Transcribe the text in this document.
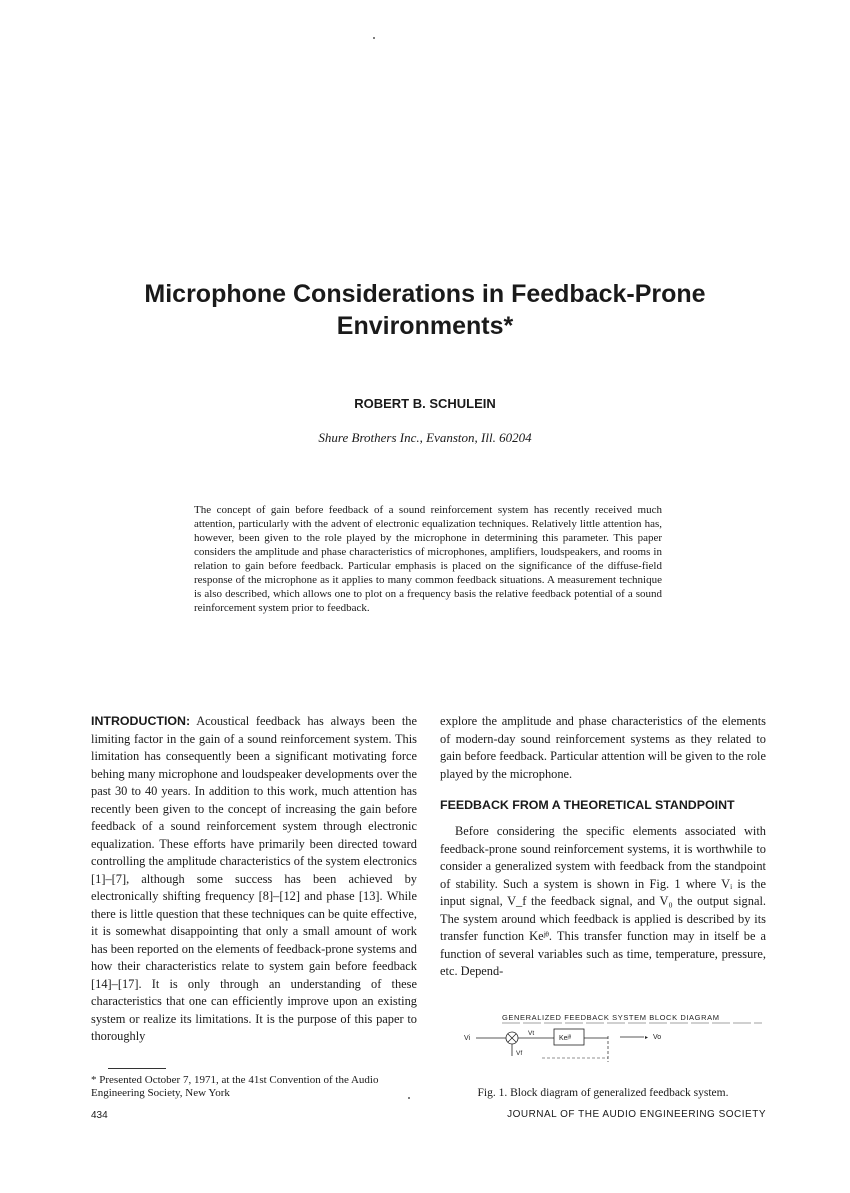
Microphone Considerations in Feedback-Prone Environments*
ROBERT B. SCHULEIN
Shure Brothers Inc., Evanston, Ill. 60204
The concept of gain before feedback of a sound reinforcement system has recently received much attention, particularly with the advent of electronic equalization techniques. Relatively little attention has, however, been given to the role played by the microphone in determining this parameter. This paper considers the amplitude and phase characteristics of microphones, amplifiers, loudspeakers, and rooms in relation to gain before feedback. Particular emphasis is placed on the significance of the diffuse-field response of the microphone as it applies to many common feedback situations. A measurement technique is also described, which allows one to plot on a frequency basis the relative feedback potential of a sound reinforcement system prior to feedback.

INTRODUCTION: Acoustical feedback has always been the limiting factor in the gain of a sound reinforcement system. This limitation has consequently been a significant motivating force behing many microphone and loudspeaker developments over the past 30 to 40 years. In addition to this work, much attention has recently been given to the concept of increasing the gain before feedback of a sound reinforcement system through electronic equalization. These efforts have primarily been directed toward controlling the amplitude characteristics of the system electronics [1]–[7], although some success has been achieved by electronically shifting frequency [8]–[12] and phase [13]. While there is little question that these techniques can be quite effective, it is somewhat disappointing that only a small amount of work has been reported on the elements of feedback-prone systems and how their characteristics relate to system gain before feedback [14]–[17]. It is only through an understanding of these characteristics that one can efficiently improve upon an existing system or realize its limitations. It is the purpose of this paper to thoroughly

explore the amplitude and phase characteristics of the elements of modern-day sound reinforcement systems as they related to gain before feedback. Particular attention will be given to the role played by the microphone.

FEEDBACK FROM A THEORETICAL STANDPOINT

Before considering the specific elements associated with feedback-prone sound reinforcement systems, it is worthwhile to consider a generalized system with feedback from the standpoint of stability. Such a system is shown in Fig. 1 where Vᵢ is the input signal, V_f the feedback signal, and V₀ the output signal. The system around which feedback is applied is described by its transfer function Keʲᶿ. This transfer function may in itself be a function of several variables such as time, temperature, pressure, etc. Depend-

GENERALIZED FEEDBACK SYSTEM BLOCK DIAGRAM
Vi
Vt
Keʲᶿ	▸ Vo
Vf
Fig. 1. Block diagram of generalized feedback system.
* Presented October 7, 1971, at the 41st Convention of the Audio Engineering Society, New York
434	JOURNAL OF THE AUDIO ENGINEERING SOCIETY
